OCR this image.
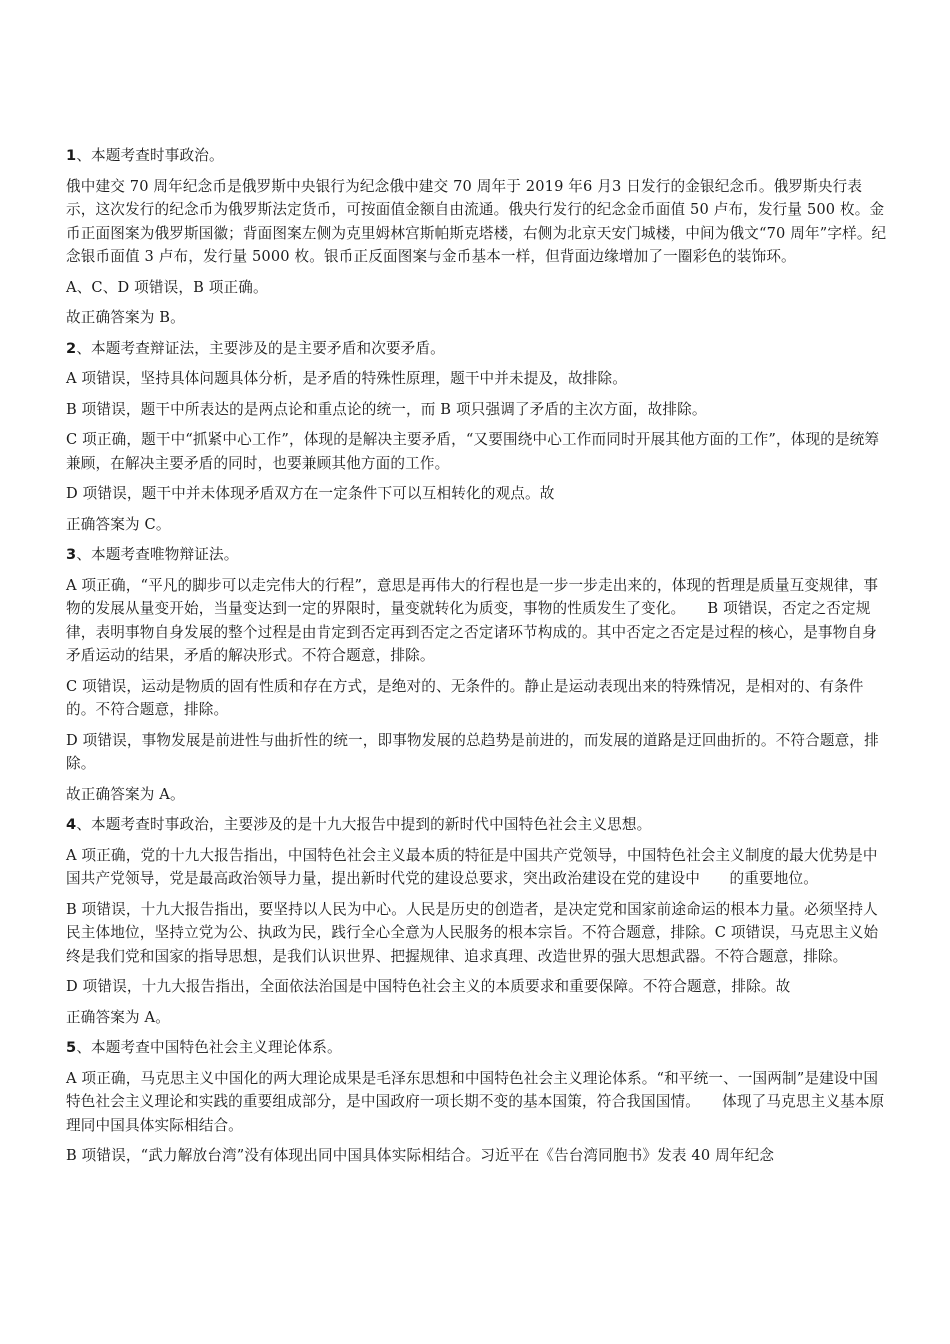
1、本题考查时事政治。
俄中建交 70 周年纪念币是俄罗斯中央银行为纪念俄中建交 70 周年于 2019 年6 月3 日发行的金银纪念币。俄罗斯央行表示，这次发行的纪念币为俄罗斯法定货币，可按面值金额自由流通。俄央行发行的纪念金币面值 50 卢布，发行量 500 枚。金币正面图案为俄罗斯国徽；背面图案左侧为克里姆林宫斯帕斯克塔楼，右侧为北京天安门城楼，中间为俄文“70 周年”字样。纪念银币面值 3 卢布，发行量 5000 枚。银币正反面图案与金币基本一样，但背面边缘增加了一圈彩色的装饰环。
A、C、D 项错误，B 项正确。
故正确答案为 B。
2、本题考查辩证法，主要涉及的是主要矛盾和次要矛盾。
A 项错误，坚持具体问题具体分析，是矛盾的特殊性原理，题干中并未提及，故排除。
B 项错误，题干中所表达的是两点论和重点论的统一，而 B 项只强调了矛盾的主次方面，故排除。
C 项正确，题干中“抓紧中心工作”，体现的是解决主要矛盾，“又要围绕中心工作而同时开展其他方面的工作”，体现的是统筹兼顾，在解决主要矛盾的同时，也要兼顾其他方面的工作。
D 项错误，题干中并未体现矛盾双方在一定条件下可以互相转化的观点。故
正确答案为 C。
3、本题考查唯物辩证法。
A 项正确，“平凡的脚步可以走完伟大的行程”，意思是再伟大的行程也是一步一步走出来的，体现的哲理是质量互变规律，事物的发展从量变开始，当量变达到一定的界限时，量变就转化为质变，事物的性质发生了变化。　　B 项错误，否定之否定规律，表明事物自身发展的整个过程是由肯定到否定再到否定之否定诸环节构成的。其中否定之否定是过程的核心，是事物自身矛盾运动的结果，矛盾的解决形式。不符合题意，排除。
C 项错误，运动是物质的固有性质和存在方式，是绝对的、无条件的。静止是运动表现出来的特殊情况，是相对的、有条件的。不符合题意，排除。
D 项错误，事物发展是前进性与曲折性的统一，即事物发展的总趋势是前进的，而发展的道路是迂回曲折的。不符合题意，排除。
故正确答案为 A。
4、本题考查时事政治，主要涉及的是十九大报告中提到的新时代中国特色社会主义思想。
A 项正确，党的十九大报告指出，中国特色社会主义最本质的特征是中国共产党领导，中国特色社会主义制度的最大优势是中国共产党领导，党是最高政治领导力量，提出新时代党的建设总要求，突出政治建设在党的建设中　　的重要地位。
B 项错误，十九大报告指出，要坚持以人民为中心。人民是历史的创造者，是决定党和国家前途命运的根本力量。必须坚持人民主体地位，坚持立党为公、执政为民，践行全心全意为人民服务的根本宗旨。不符合题意，排除。C 项错误，马克思主义始终是我们党和国家的指导思想，是我们认识世界、把握规律、追求真理、改造世界的强大思想武器。不符合题意，排除。
D 项错误，十九大报告指出，全面依法治国是中国特色社会主义的本质要求和重要保障。不符合题意，排除。故
正确答案为 A。
5、本题考查中国特色社会主义理论体系。
A 项正确，马克思主义中国化的两大理论成果是毛泽东思想和中国特色社会主义理论体系。“和平统一、一国两制”是建设中国特色社会主义理论和实践的重要组成部分，是中国政府一项长期不变的基本国策，符合我国国情。　　体现了马克思主义基本原理同中国具体实际相结合。
B 项错误，“武力解放台湾”没有体现出同中国具体实际相结合。习近平在《告台湾同胞书》发表 40 周年纪念
